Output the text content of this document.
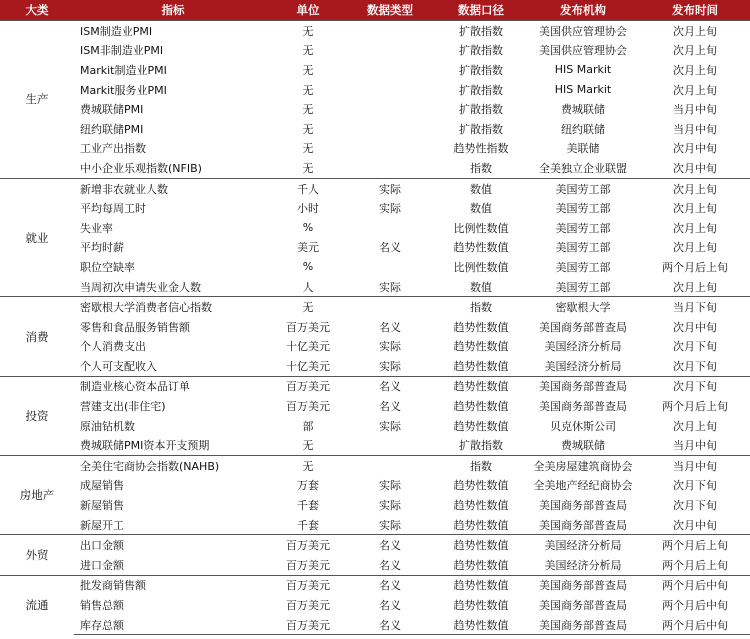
大类	指标	单位	数据类型	数据口径	发布机构	发布时间
生产	ISM制造业PMI	无		扩散指数	美国供应管理协会	次月上旬
	ISM非制造业PMI	无		扩散指数	美国供应管理协会	次月上旬
	Markit制造业PMI	无		扩散指数	HIS Markit	次月上旬
	Markit服务业PMI	无		扩散指数	HIS Markit	次月上旬
	费城联储PMI	无		扩散指数	费城联储	当月中旬
	纽约联储PMI	无		扩散指数	纽约联储	当月中旬
	工业产出指数	无		趋势性指数	美联储	次月中旬
	中小企业乐观指数(NFIB)	无		指数	全美独立企业联盟	次月中旬
就业	新增非农就业人数	千人	实际	数值	美国劳工部	次月上旬
	平均每周工时	小时	实际	数值	美国劳工部	次月上旬
	失业率	%		比例性数值	美国劳工部	次月上旬
	平均时薪	美元	名义	趋势性数值	美国劳工部	次月上旬
	职位空缺率	%		比例性数值	美国劳工部	两个月后上旬
	当周初次申请失业金人数	人	实际	数值	美国劳工部	次月上旬
消费	密歇根大学消费者信心指数	无		指数	密歇根大学	当月下旬
	零售和食品服务销售额	百万美元	名义	趋势性数值	美国商务部普查局	次月中旬
	个人消费支出	十亿美元	实际	趋势性数值	美国经济分析局	次月下旬
	个人可支配收入	十亿美元	实际	趋势性数值	美国经济分析局	次月下旬
投资	制造业核心资本品订单	百万美元	名义	趋势性数值	美国商务部普查局	次月下旬
	营建支出(非住宅)	百万美元	名义	趋势性数值	美国商务部普查局	两个月后上旬
	原油钻机数	部	实际	趋势性数值	贝克休斯公司	次月上旬
	费城联储PMI资本开支预期	无		扩散指数	费城联储	当月中旬
房地产	全美住宅商协会指数(NAHB)	无		指数	全美房屋建筑商协会	当月中旬
	成屋销售	万套	实际	趋势性数值	全美地产经纪商协会	次月下旬
	新屋销售	千套	实际	趋势性数值	美国商务部普查局	次月下旬
	新屋开工	千套	实际	趋势性数值	美国商务部普查局	次月中旬
外贸	出口金额	百万美元	名义	趋势性数值	美国经济分析局	两个月后上旬
	进口金额	百万美元	名义	趋势性数值	美国经济分析局	两个月后上旬
流通	批发商销售额	百万美元	名义	趋势性数值	美国商务部普查局	两个月后中旬
	销售总额	百万美元	名义	趋势性数值	美国商务部普查局	两个月后中旬
	库存总额	百万美元	名义	趋势性数值	美国商务部普查局	两个月后中旬
